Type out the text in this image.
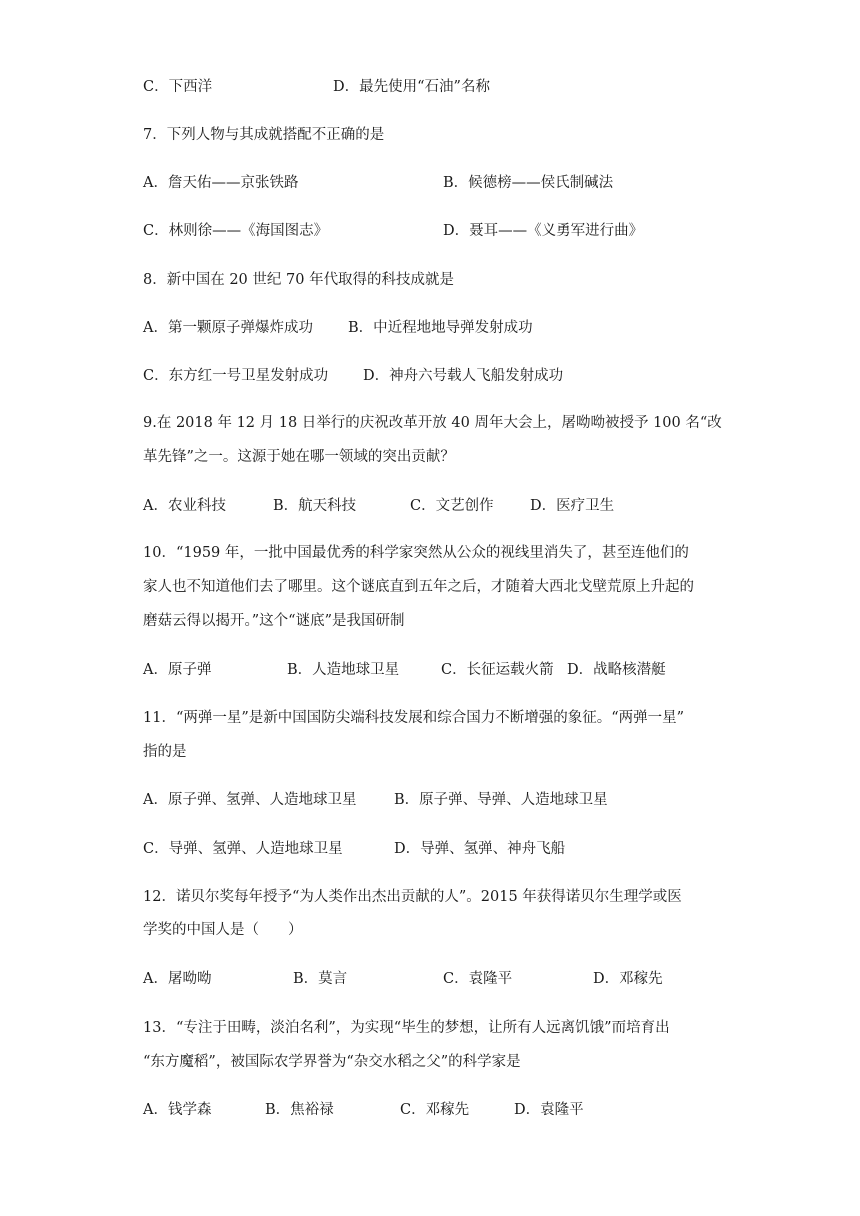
C．下西洋	D．最先使用“石油”名称
7．下列人物与其成就搭配不正确的是
A．詹天佑——京张铁路	B．候德榜——侯氏制碱法
C．林则徐——《海国图志》	D．聂耳——《义勇军进行曲》
8．新中国在 20 世纪 70 年代取得的科技成就是
A．第一颗原子弹爆炸成功 B．中近程地地导弹发射成功
C．东方红一号卫星发射成功 D．神舟六号载人飞船发射成功
9.在 2018 年 12 月 18 日举行的庆祝改革开放 40 周年大会上，屠呦呦被授予 100 名“改
革先锋”之一。这源于她在哪一领域的突出贡献？
A．农业科技	B．航天科技	C．文艺创作	D．医疗卫生
10．“1959 年，一批中国最优秀的科学家突然从公众的视线里消失了，甚至连他们的
家人也不知道他们去了哪里。这个谜底直到五年之后，才随着大西北戈壁荒原上升起的
磨菇云得以揭开。”这个“谜底”是我国研制
A．原子弹	B．人造地球卫星	C．长征运载火箭 D．战略核潜艇
11．“两弹一星”是新中国国防尖端科技发展和综合国力不断增强的象征。“两弹一星”
指的是
A．原子弹、氢弹、人造地球卫星	B．原子弹、导弹、人造地球卫星
C．导弹、氢弹、人造地球卫星	D．导弹、氢弹、神舟飞船
12．诺贝尔奖每年授予“为人类作出杰出贡献的人”。2015 年获得诺贝尔生理学或医
学奖的中国人是（　　）
A．屠呦呦	B．莫言	C．袁隆平	D．邓稼先
13．“专注于田畴，淡泊名利”，为实现“毕生的梦想，让所有人远离饥饿”而培育出
“东方魔稻”，被国际农学界誉为“杂交水稻之父”的科学家是
A．钱学森	B．焦裕禄	C．邓稼先	D．袁隆平
